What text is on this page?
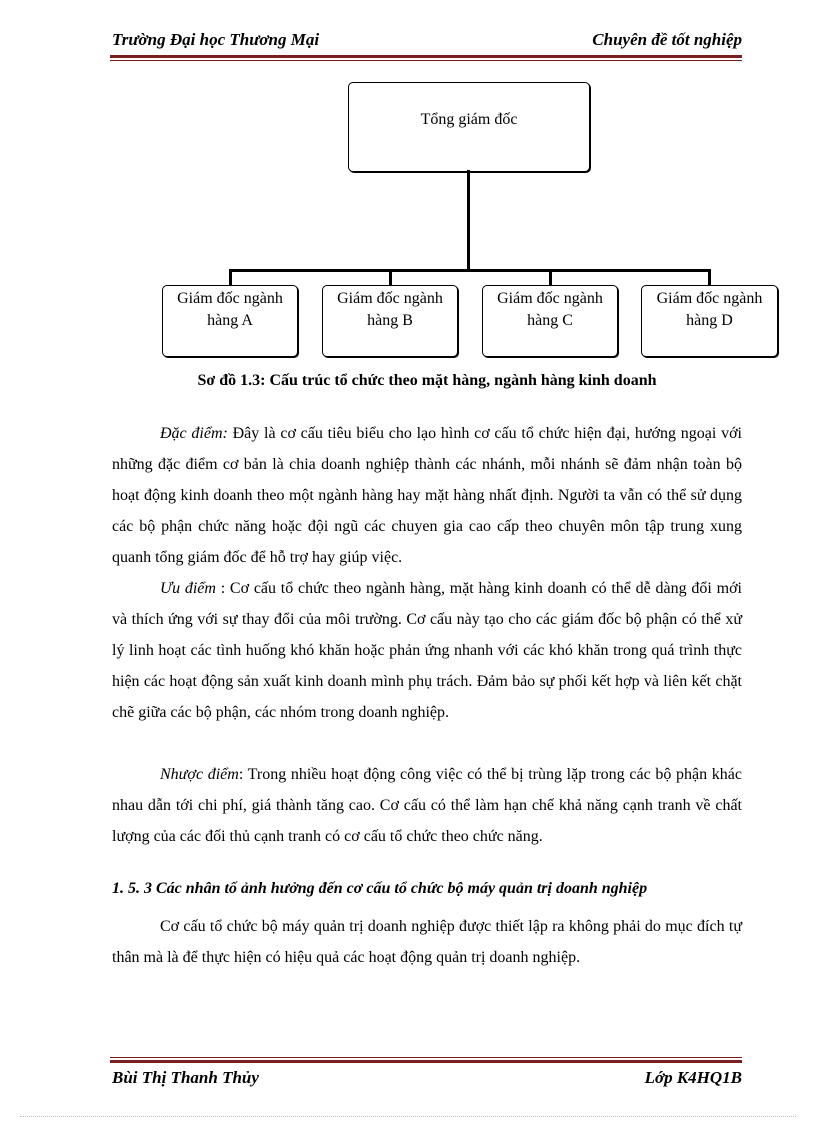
Trường Đại học Thương Mại	Chuyên đề tốt nghiệp
Tổng giám đốc
Giám đốc ngành
hàng A
Giám đốc ngành
hàng B
Giám đốc ngành
hàng C
Giám đốc ngành
hàng D
Sơ đồ 1.3: Cấu trúc tổ chức theo mặt hàng, ngành hàng kinh doanh

Đặc điểm: Đây là cơ cấu tiêu biểu cho lạo hình cơ cấu tổ chức hiện đại, hướng ngoại với những đặc điểm cơ bản là chia doanh nghiệp thành các nhánh, mỗi nhánh sẽ đảm nhận toàn bộ hoạt động kinh doanh theo một ngành hàng hay mặt hàng nhất định. Người ta vẫn có thể sử dụng các bộ phận chức năng hoặc đội ngũ các chuyen gia cao cấp theo chuyên môn tập trung xung quanh tổng giám đốc để hỗ trợ hay giúp việc.

Ưu điểm : Cơ cấu tổ chức theo ngành hàng, mặt hàng kinh doanh có thể dễ dàng đổi mới và thích ứng với sự thay đổi của môi trường. Cơ cấu này tạo cho các giám đốc bộ phận có thể xử lý linh hoạt các tình huống khó khăn hoặc phản ứng nhanh với các khó khăn trong quá trình thực hiện các hoạt động sản xuất kinh doanh mình phụ trách. Đảm bảo sự phối kết hợp và liên kết chặt chẽ giữa các bộ phận, các nhóm trong doanh nghiệp.

Nhược điểm: Trong nhiều hoạt động công việc có thể bị trùng lặp trong các bộ phận khác nhau dẫn tới chi phí, giá thành tăng cao. Cơ cấu có thể làm hạn chế khả năng cạnh tranh về chất lượng của các đối thủ cạnh tranh có cơ cấu tổ chức theo chức năng.

1. 5. 3 Các nhân tố ảnh hưởng đến cơ cấu tổ chức bộ máy quản trị doanh nghiệp

Cơ cấu tổ chức bộ máy quản trị doanh nghiệp được thiết lập ra không phải do mục đích tự thân mà là để thực hiện có hiệu quả các hoạt động quản trị doanh nghiệp.

Bùi Thị Thanh Thủy	Lớp K4HQ1B
